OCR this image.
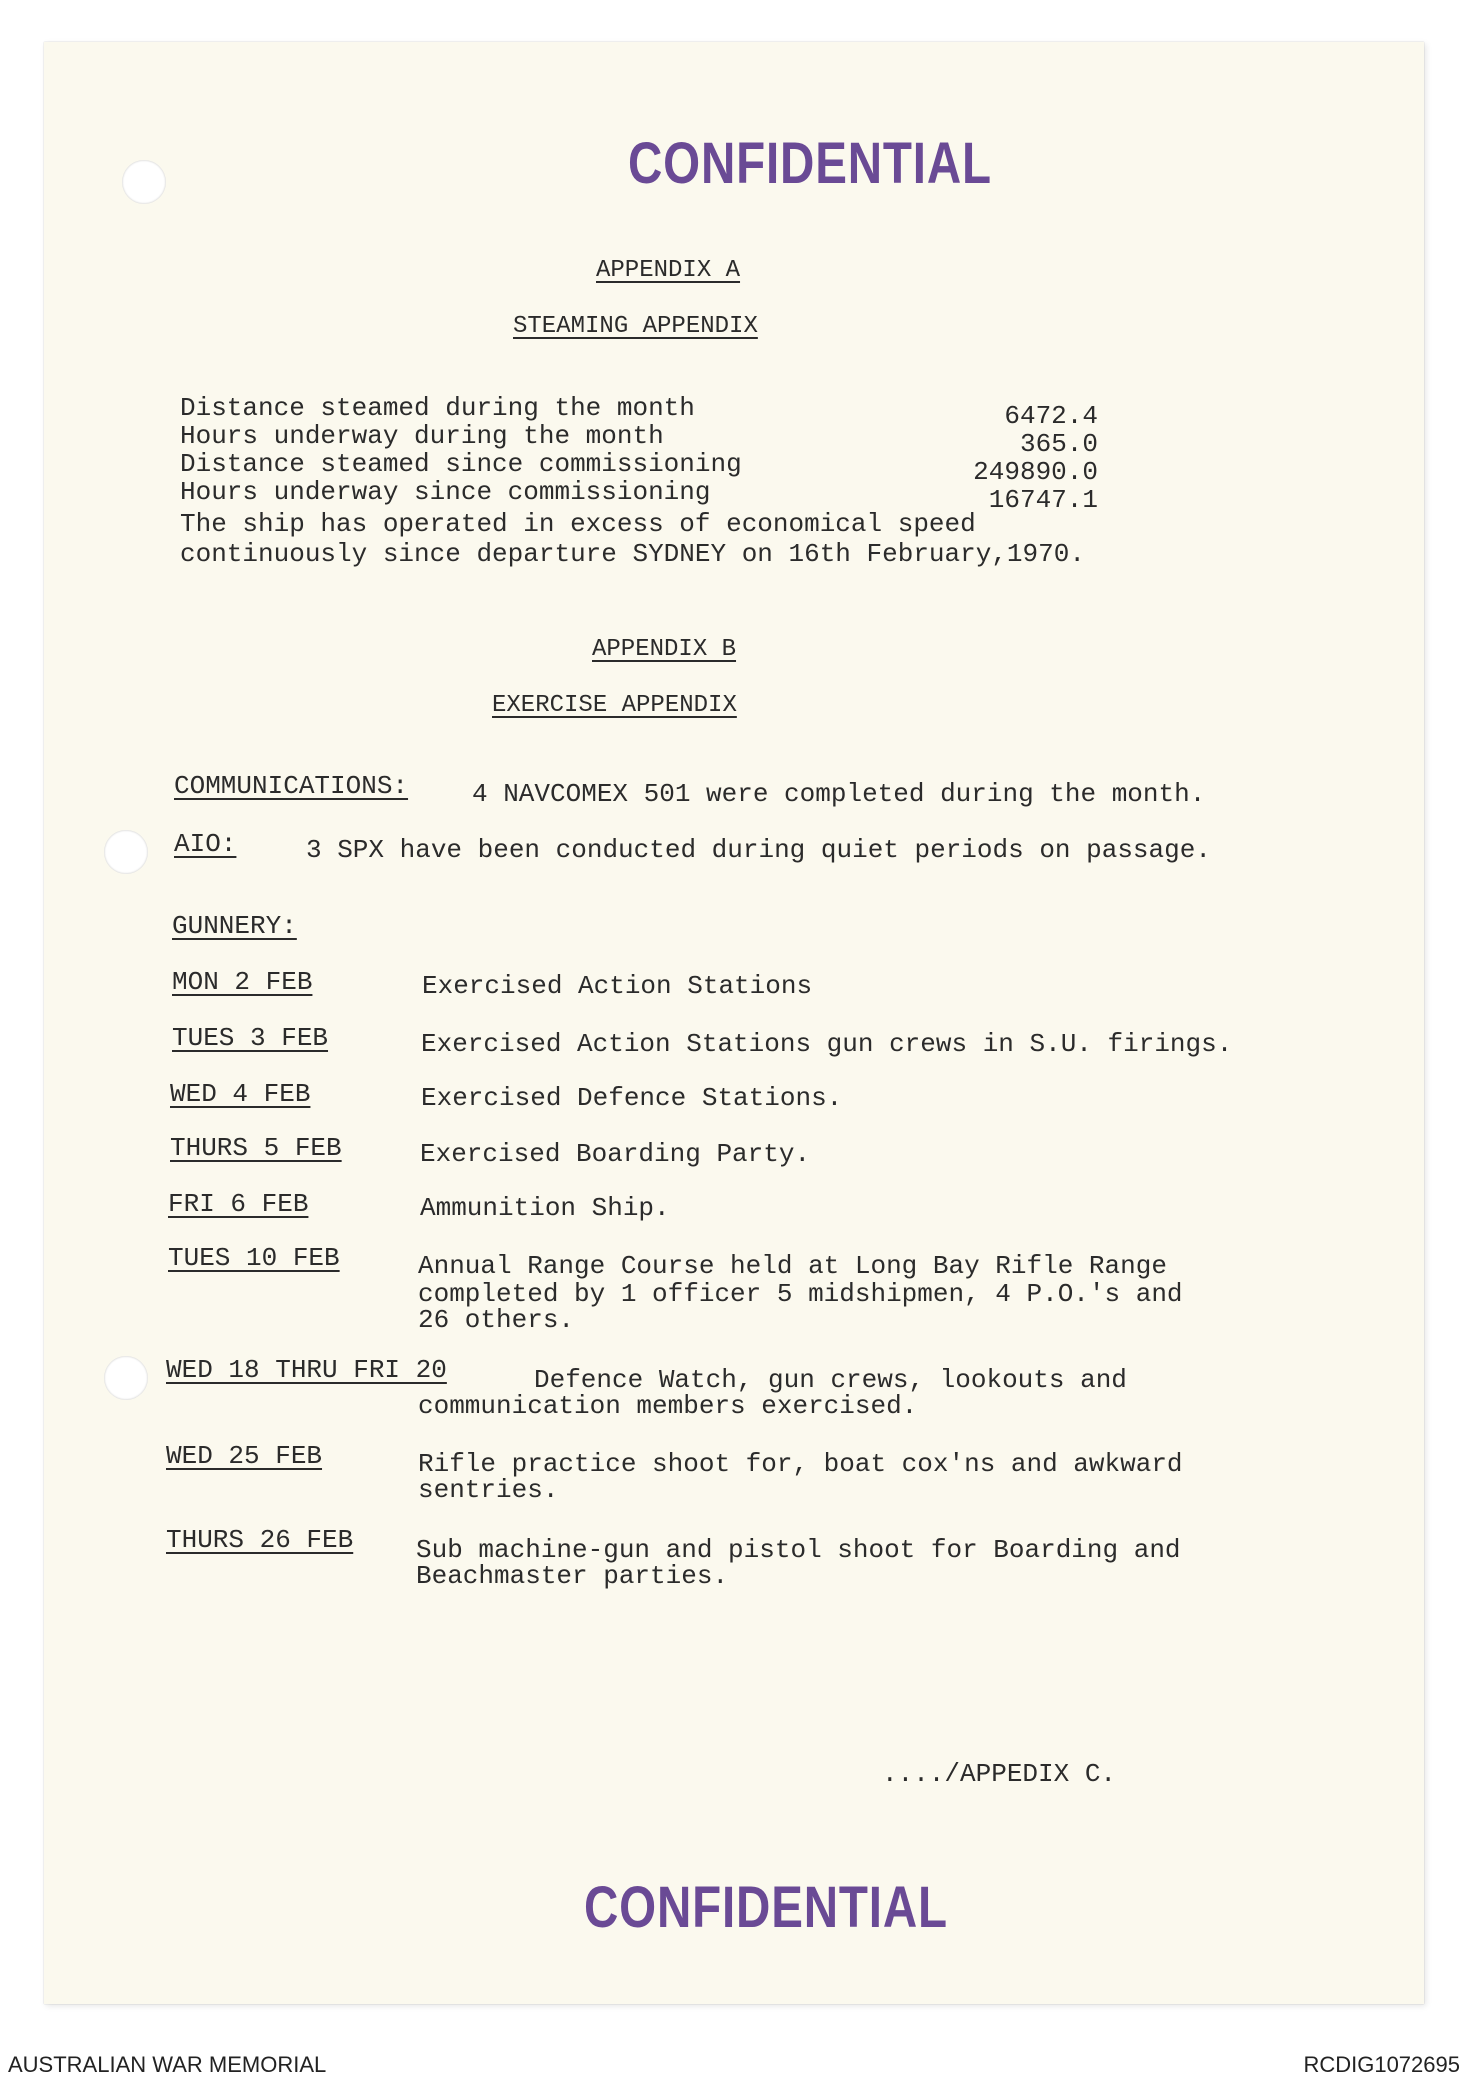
CONFIDENTIAL
APPENDIX A
STEAMING APPENDIX
Distance steamed during the month	6472.4
Hours underway during the month	365.0
Distance steamed since commissioning	249890.0
Hours underway since commissioning	16747.1
The ship has operated in excess of economical speed
continuously since departure SYDNEY on 16th February,1970.
APPENDIX B
EXERCISE APPENDIX
COMMUNICATIONS: 4 NAVCOMEX 501 were completed during the month.
AIO:	3 SPX have been conducted during quiet periods on passage.
GUNNERY:
MON 2 FEB	Exercised Action Stations
TUES 3 FEB	Exercised Action Stations gun crews in S.U. firings.
WED 4 FEB	Exercised Defence Stations.
THURS 5 FEB	Exercised Boarding Party.
FRI 6 FEB	Ammunition Ship.
TUES 10 FEB	Annual Range Course held at Long Bay Rifle Range
completed by 1 officer 5 midshipmen, 4 P.O.'s and
26 others.
WED 18 THRU FRI 20	Defence Watch, gun crews, lookouts and
communication members exercised.
WED 25 FEB	Rifle practice shoot for, boat cox'ns and awkward
sentries.
THURS 26 FEB Sub machine-gun and pistol shoot for Boarding and
Beachmaster parties.
..../APPEDIX C.
CONFIDENTIAL
AUSTRALIAN WAR MEMORIAL	RCDIG1072695
